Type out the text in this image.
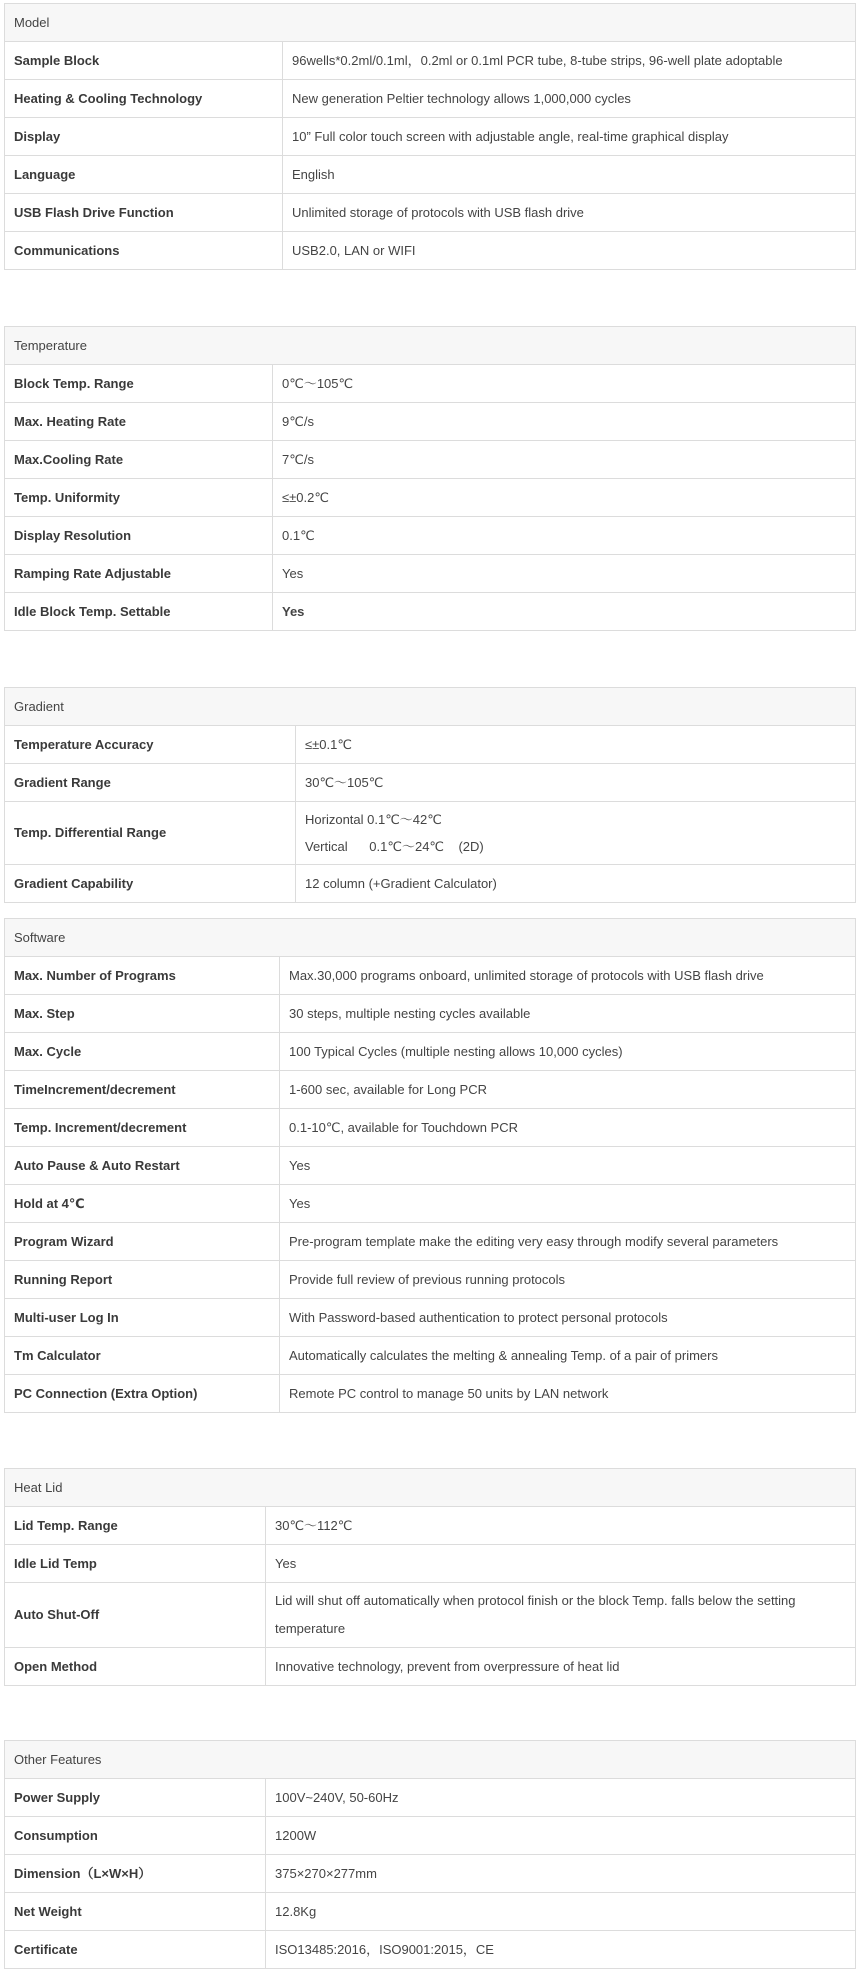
Model	
Sample Block	96wells*0.2ml/0.1ml，0.2ml or 0.1ml PCR tube, 8-tube strips, 96-well plate adoptable
Heating & Cooling Technology	New generation Peltier technology allows 1,000,000 cycles
Display	10” Full color touch screen with adjustable angle, real-time graphical display
Language	English
USB Flash Drive Function	Unlimited storage of protocols with USB flash drive
Communications	USB2.0, LAN or WIFI
Temperature	
Block Temp. Range	0℃～105℃
Max. Heating Rate	9℃/s
Max.Cooling Rate	7℃/s
Temp. Uniformity	≤±0.2℃
Display Resolution	0.1℃
Ramping Rate Adjustable	Yes
Idle Block Temp. Settable	Yes
Gradient	
Temperature Accuracy	≤±0.1℃
Gradient Range	30℃～105℃
Temp. Differential Range	Horizontal 0.1℃～42℃
Vertical      0.1℃～24℃    (2D)

Gradient Capability	12 column (+Gradient Calculator)
Software	
Max. Number of Programs	Max.30,000 programs onboard, unlimited storage of protocols with USB flash drive
Max. Step	30 steps, multiple nesting cycles available
Max. Cycle	100 Typical Cycles (multiple nesting allows 10,000 cycles)
TimeIncrement/decrement	1-600 sec, available for Long PCR
Temp. Increment/decrement	0.1-10℃, available for Touchdown PCR
Auto Pause & Auto Restart	Yes
Hold at 4℃	Yes
Program Wizard	Pre-program template make the editing very easy through modify several parameters
Running Report	Provide full review of previous running protocols
Multi-user Log In	With Password-based authentication to protect personal protocols
Tm Calculator	Automatically calculates the melting & annealing Temp. of a pair of primers
PC Connection (Extra Option)	Remote PC control to manage 50 units by LAN network
Heat Lid	
Lid Temp. Range	30℃～112℃
Idle Lid Temp	Yes
Auto Shut-Off	Lid will shut off automatically when protocol finish or the block Temp. falls below the setting
temperature

Open Method	Innovative technology, prevent from overpressure of heat lid
Other Features	
Power Supply	100V~240V, 50-60Hz
Consumption	1200W
Dimension（L×W×H）	375×270×277mm
Net Weight	12.8Kg
Certificate	ISO13485:2016，ISO9001:2015，CE
